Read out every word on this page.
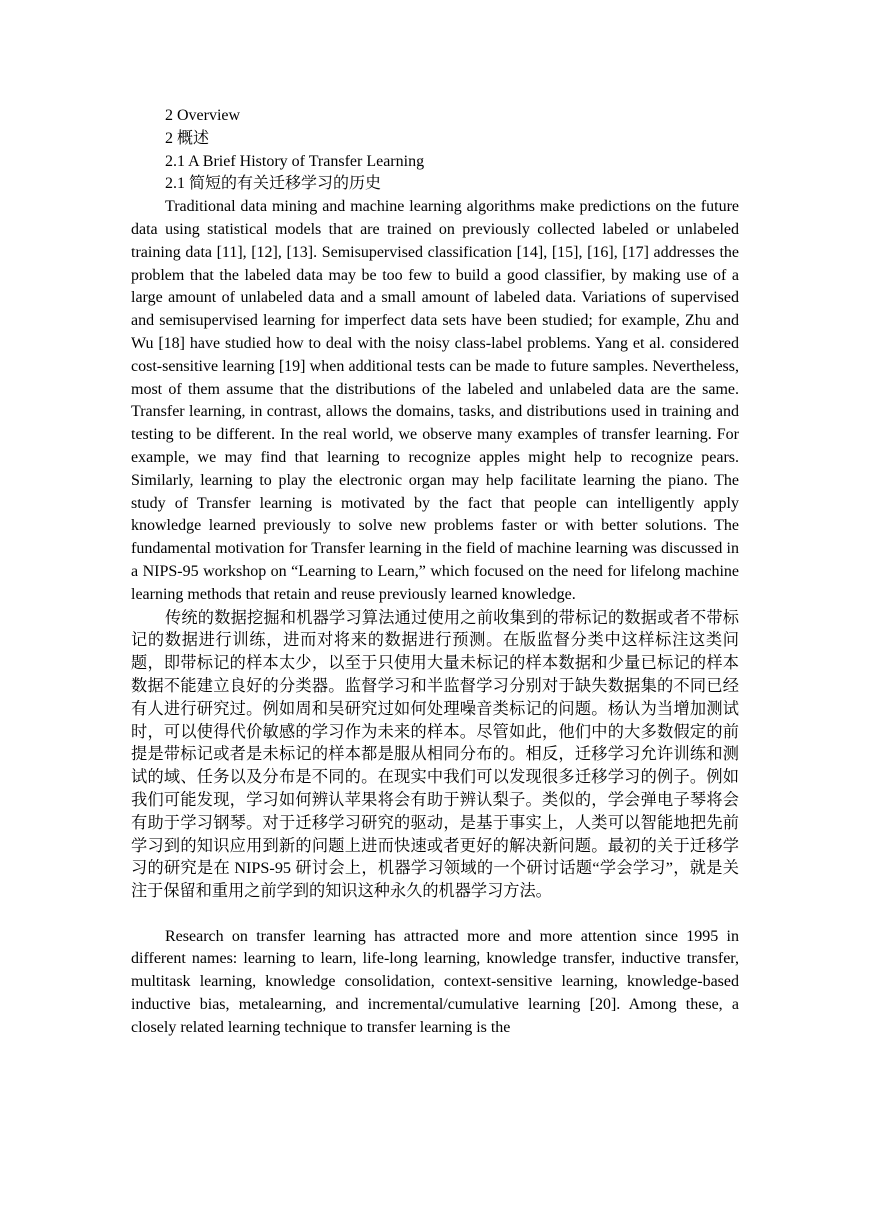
2 Overview

2 概述

2.1 A Brief History of Transfer Learning

2.1 简短的有关迁移学习的历史

Traditional data mining and machine learning algorithms make predictions on the future data using statistical models that are trained on previously collected labeled or unlabeled training data [11], [12], [13]. Semisupervised classification [14], [15], [16], [17] addresses the problem that the labeled data may be too few to build a good classifier, by making use of a large amount of unlabeled data and a small amount of labeled data. Variations of supervised and semisupervised learning for imperfect data sets have been studied; for example, Zhu and Wu [18] have studied how to deal with the noisy class-label problems. Yang et al. considered cost-sensitive learning [19] when additional tests can be made to future samples. Nevertheless, most of them assume that the distributions of the labeled and unlabeled data are the same. Transfer learning, in contrast, allows the domains, tasks, and distributions used in training and testing to be different. In the real world, we observe many examples of transfer learning. For example, we may find that learning to recognize apples might help to recognize pears. Similarly, learning to play the electronic organ may help facilitate learning the piano. The study of Transfer learning is motivated by the fact that people can intelligently apply knowledge learned previously to solve new problems faster or with better solutions. The fundamental motivation for Transfer learning in the field of machine learning was discussed in a NIPS-95 workshop on “Learning to Learn,” which focused on the need for lifelong machine learning methods that retain and reuse previously learned knowledge.

传统的数据挖掘和机器学习算法通过使用之前收集到的带标记的数据或者不带标记的数据进行训练，进而对将来的数据进行预测。在版监督分类中这样标注这类问题，即带标记的样本太少，以至于只使用大量未标记的样本数据和少量已标记的样本数据不能建立良好的分类器。监督学习和半监督学习分别对于缺失数据集的不同已经有人进行研究过。例如周和吴研究过如何处理噪音类标记的问题。杨认为当增加测试时，可以使得代价敏感的学习作为未来的样本。尽管如此，他们中的大多数假定的前提是带标记或者是未标记的样本都是服从相同分布的。相反，迁移学习允许训练和测试的域、任务以及分布是不同的。在现实中我们可以发现很多迁移学习的例子。例如我们可能发现，学习如何辨认苹果将会有助于辨认梨子。类似的，学会弹电子琴将会有助于学习钢琴。对于迁移学习研究的驱动，是基于事实上，人类可以智能地把先前学习到的知识应用到新的问题上进而快速或者更好的解决新问题。最初的关于迁移学习的研究是在 NIPS-95 研讨会上，机器学习领域的一个研讨话题“学会学习”，就是关注于保留和重用之前学到的知识这种永久的机器学习方法。

Research on transfer learning has attracted more and more attention since 1995 in different names: learning to learn, life-long learning, knowledge transfer, inductive transfer, multitask learning, knowledge consolidation, context-sensitive learning, knowledge-based inductive bias, metalearning, and incremental/cumulative learning [20]. Among these, a closely related learning technique to transfer learning is the
